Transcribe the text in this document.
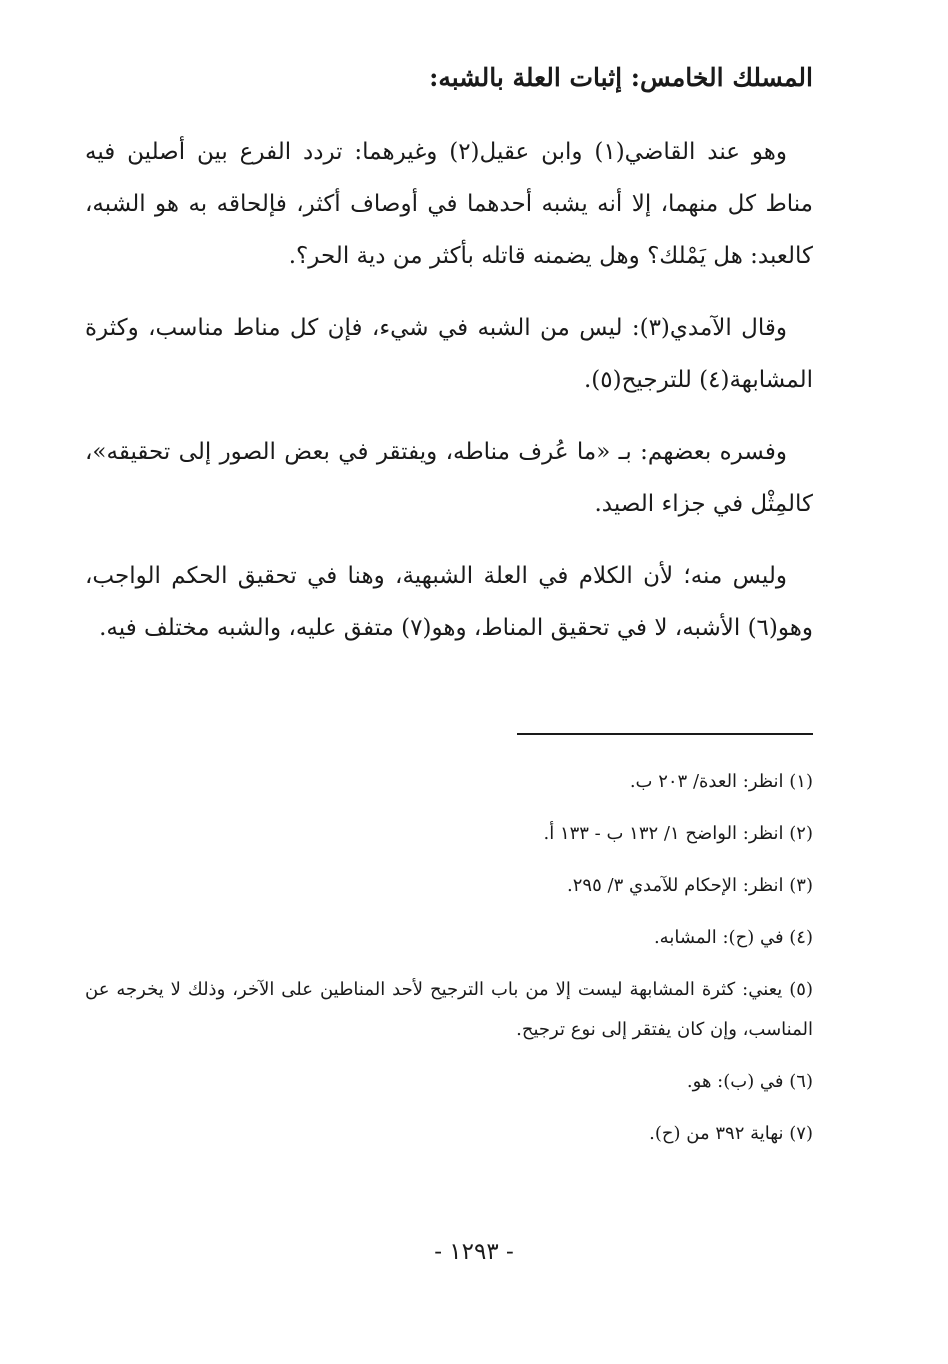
المسلك الخامس: إثبات العلة بالشبه:

وهو عند القاضي(١) وابن عقيل(٢) وغيرهما: تردد الفرع بين أصلين فيه مناط كل منهما، إلا أنه يشبه أحدهما في أوصاف أكثر، فإلحاقه به هو الشبه، كالعبد: هل يَمْلك؟ وهل يضمنه قاتله بأكثر من دية الحر؟.

وقال الآمدي(٣): ليس من الشبه في شيء، فإن كل مناط مناسب، وكثرة المشابهة(٤) للترجيح(٥).

وفسره بعضهم: بـ «ما عُرف مناطه، ويفتقر في بعض الصور إلى تحقيقه»، كالمِثْل في جزاء الصيد.

وليس منه؛ لأن الكلام في العلة الشبهية، وهنا في تحقيق الحكم الواجب، وهو(٦) الأشبه، لا في تحقيق المناط، وهو(٧) متفق عليه، والشبه مختلف فيه.

(١) انظر: العدة/ ٢٠٣ ب.

(٢) انظر: الواضح ١/ ١٣٢ ب - ١٣٣ أ.

(٣) انظر: الإحكام للآمدي ٣/ ٢٩٥.

(٤) في (ح): المشابه.

(٥) يعني: كثرة المشابهة ليست إلا من باب الترجيح لأحد المناطين على الآخر، وذلك لا يخرجه عن المناسب، وإن كان يفتقر إلى نوع ترجيح.

(٦) في (ب): هو.

(٧) نهاية ٣٩٢ من (ح).

- ١٢٩٣ -
